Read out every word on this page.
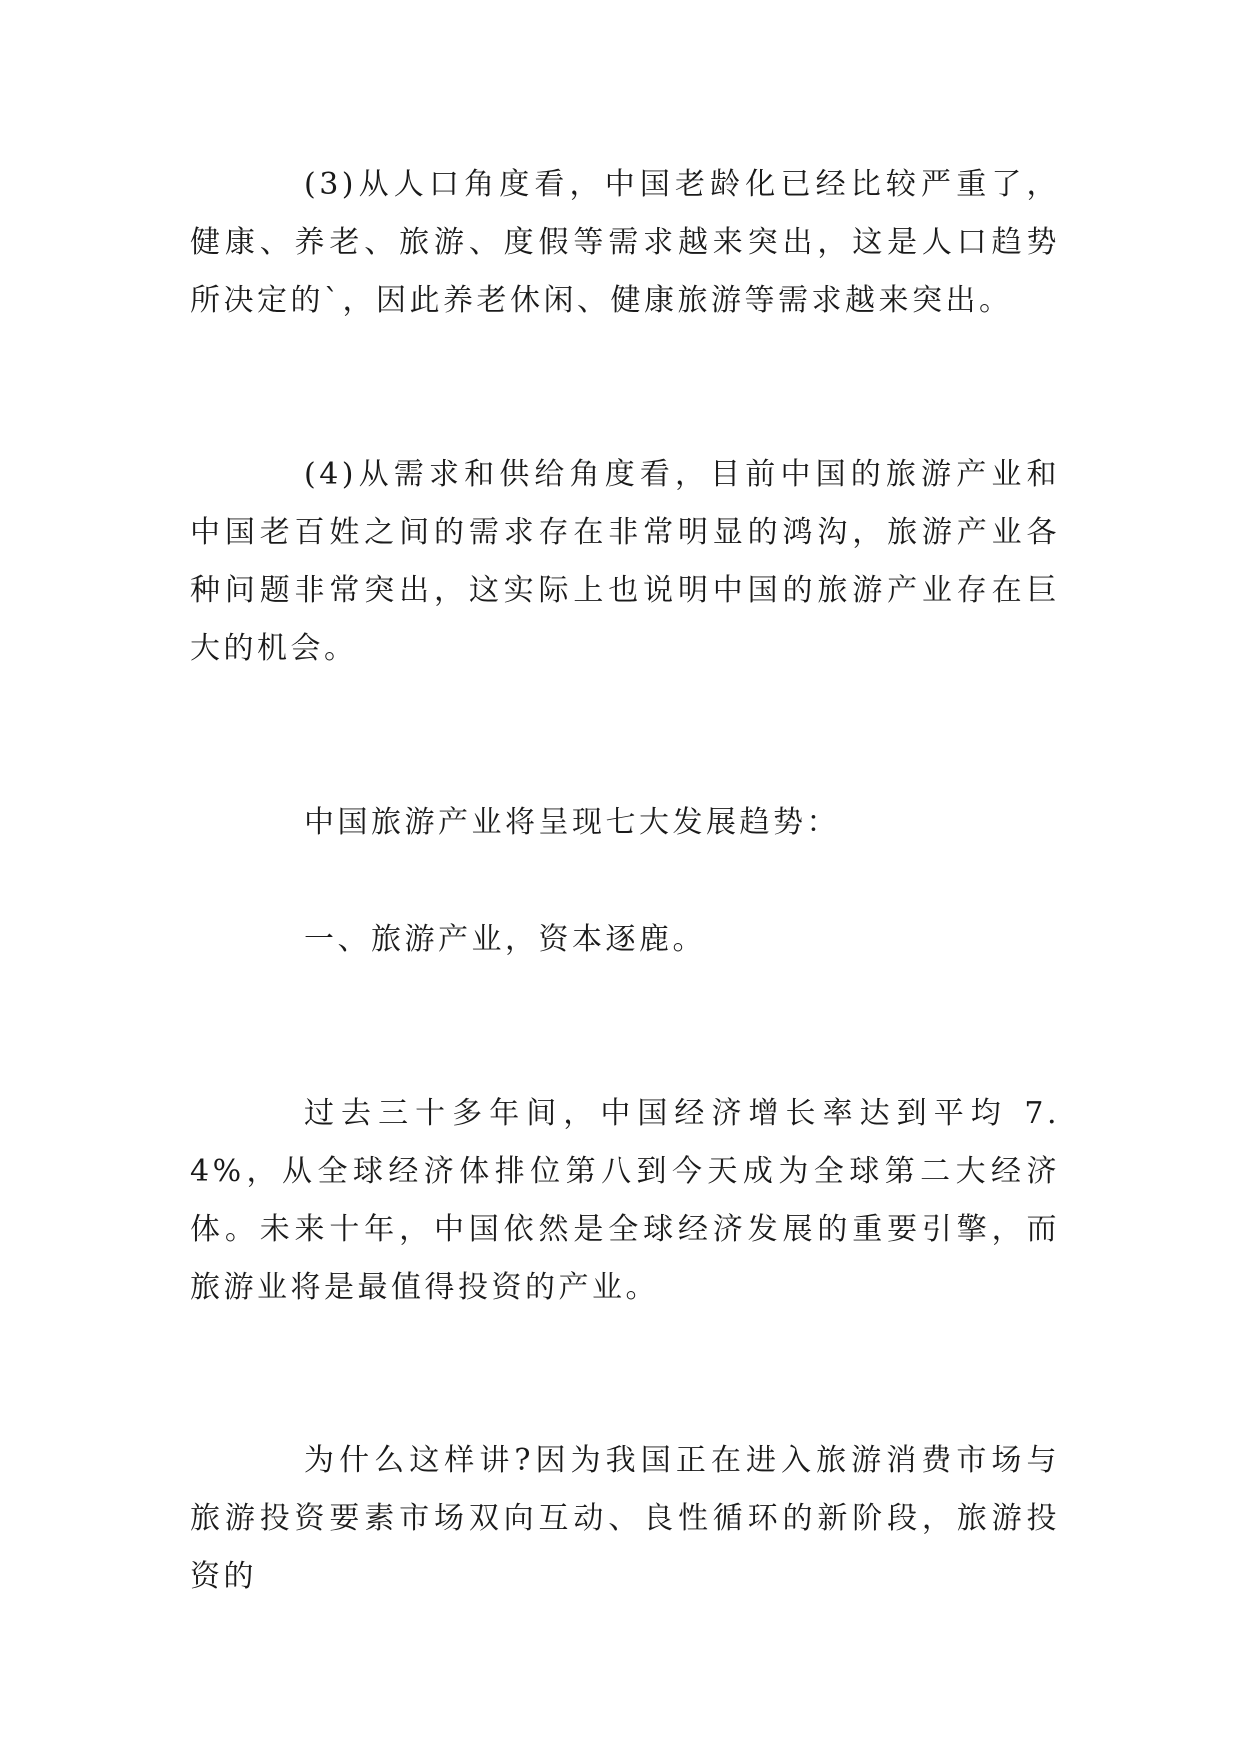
(3)从人口角度看，中国老龄化已经比较严重了，健康、养老、旅游、度假等需求越来突出，这是人口趋势所决定的`，因此养老休闲、健康旅游等需求越来突出。

(4)从需求和供给角度看，目前中国的旅游产业和中国老百姓之间的需求存在非常明显的鸿沟，旅游产业各种问题非常突出，这实际上也说明中国的旅游产业存在巨大的机会。

中国旅游产业将呈现七大发展趋势：

一、旅游产业，资本逐鹿。

过去三十多年间，中国经济增长率达到平均 7.4%，从全球经济体排位第八到今天成为全球第二大经济体。未来十年，中国依然是全球经济发展的重要引擎，而旅游业将是最值得投资的产业。

为什么这样讲?因为我国正在进入旅游消费市场与旅游投资要素市场双向互动、良性循环的新阶段，旅游投资的
